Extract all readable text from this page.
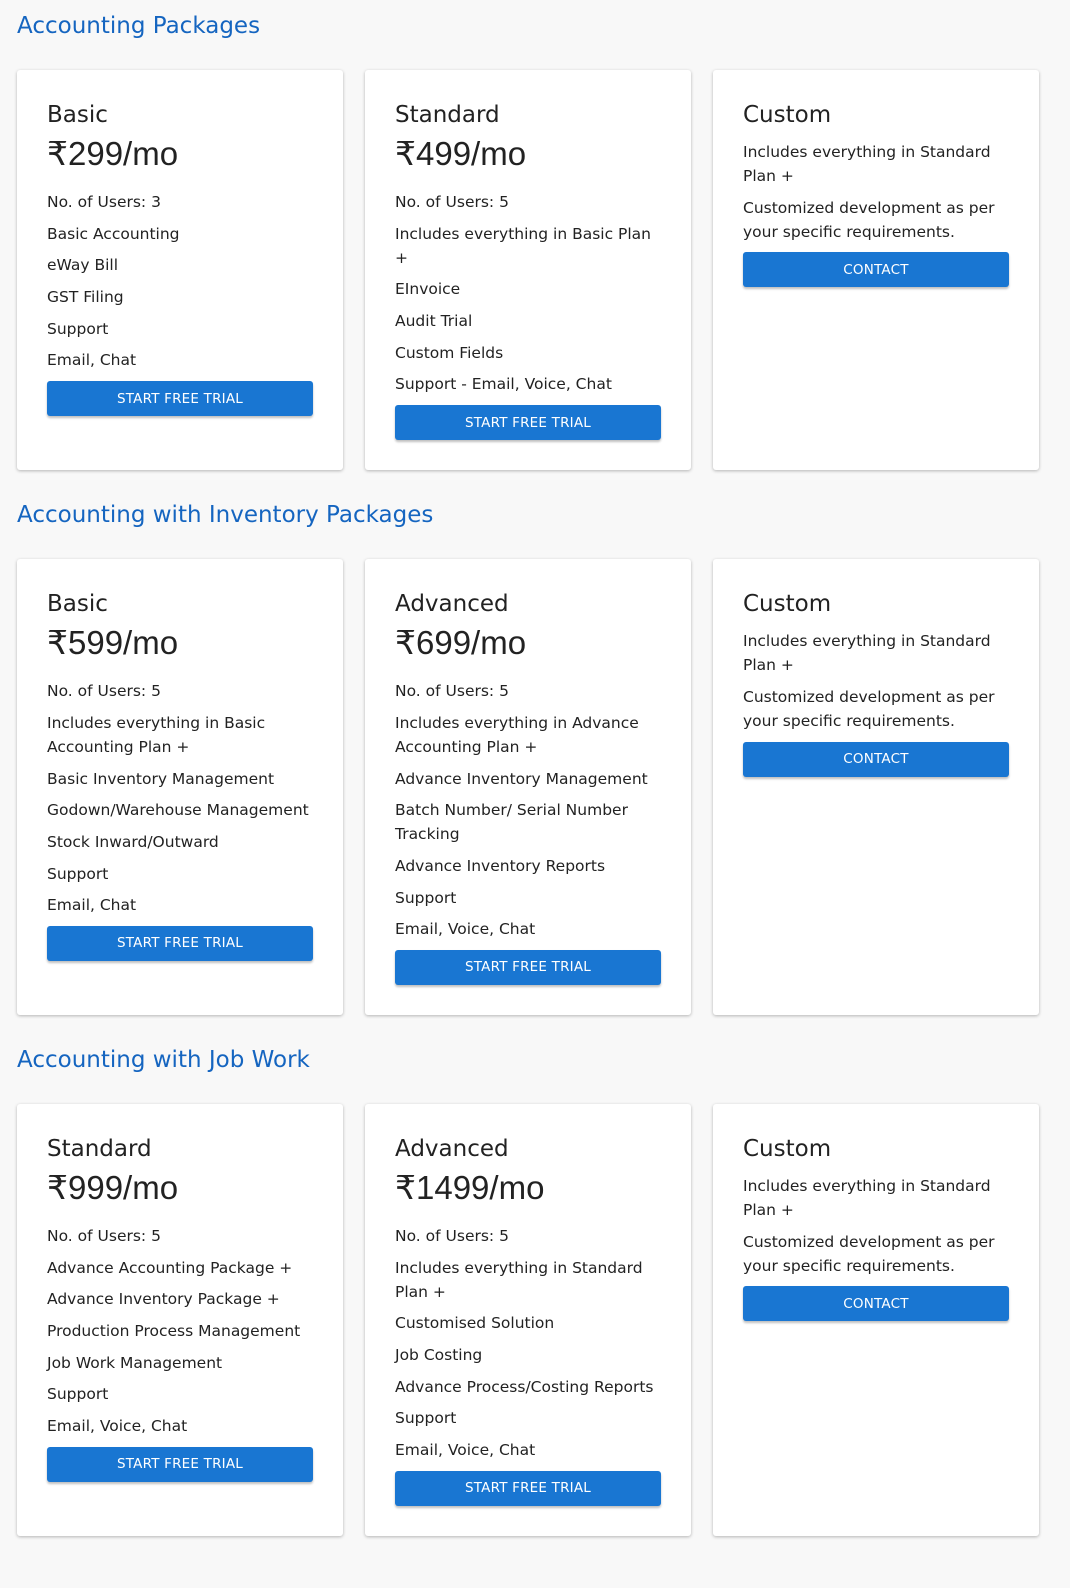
Accounting Packages
Basic
₹299/mo
No. of Users: 3
Basic Accounting
eWay Bill
GST Filing
Support
Email, Chat
START FREE TRIAL
Standard
₹499/mo
No. of Users: 5
Includes everything in Basic Plan +
EInvoice
Audit Trial
Custom Fields
Support - Email, Voice, Chat
START FREE TRIAL
Custom
Includes everything in Standard Plan +
Customized development as per your specific requirements.
CONTACT
Accounting with Inventory Packages
Basic
₹599/mo
No. of Users: 5
Includes everything in Basic Accounting Plan +
Basic Inventory Management
Godown/Warehouse Management
Stock Inward/Outward
Support
Email, Chat
START FREE TRIAL
Advanced
₹699/mo
No. of Users: 5
Includes everything in Advance Accounting Plan +
Advance Inventory Management
Batch Number/ Serial Number Tracking
Advance Inventory Reports
Support
Email, Voice, Chat
START FREE TRIAL
Custom
Includes everything in Standard Plan +
Customized development as per your specific requirements.
CONTACT
Accounting with Job Work
Standard
₹999/mo
No. of Users: 5
Advance Accounting Package +
Advance Inventory Package +
Production Process Management
Job Work Management
Support
Email, Voice, Chat
START FREE TRIAL
Advanced
₹1499/mo
No. of Users: 5
Includes everything in Standard Plan +
Customised Solution
Job Costing
Advance Process/Costing Reports
Support
Email, Voice, Chat
START FREE TRIAL
Custom
Includes everything in Standard Plan +
Customized development as per your specific requirements.
CONTACT
